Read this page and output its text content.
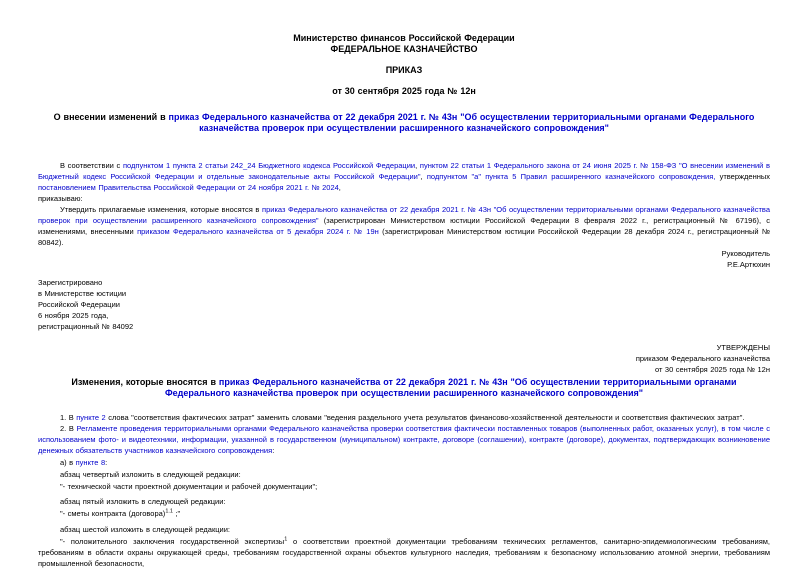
Министерство финансов Российской Федерации
ФЕДЕРАЛЬНОЕ КАЗНАЧЕЙСТВО
ПРИКАЗ
от 30 сентября 2025 года № 12н
О внесении изменений в приказ Федерального казначейства от 22 декабря 2021 г. № 43н "Об осуществлении территориальными органами Федерального казначейства проверок при осуществлении расширенного казначейского сопровождения"
В соответствии с подпунктом 1 пункта 2 статьи 242_24 Бюджетного кодекса Российской Федерации, пунктом 22 статьи 1 Федерального закона от 24 июня 2025 г. № 158-ФЗ "О внесении изменений в Бюджетный кодекс Российской Федерации и отдельные законодательные акты Российской Федерации", подпунктом "а" пункта 5 Правил расширенного казначейского сопровождения, утвержденных постановлением Правительства Российской Федерации от 24 ноября 2021 г. № 2024,
приказываю:
Утвердить прилагаемые изменения, которые вносятся в приказ Федерального казначейства от 22 декабря 2021 г. № 43н "Об осуществлении территориальными органами Федерального казначейства проверок при осуществлении расширенного казначейского сопровождения" (зарегистрирован Министерством юстиции Российской Федерации 8 февраля 2022 г., регистрационный № 67196), с изменениями, внесенными приказом Федерального казначейства от 5 декабря 2024 г. № 19н (зарегистрирован Министерством юстиции Российской Федерации 28 декабря 2024 г., регистрационный № 80842).
Руководитель
Р.Е.Артюхин
Зарегистрировано
в Министерстве юстиции
Российской Федерации
6 ноября 2025 года,
регистрационный № 84092
УТВЕРЖДЕНЫ
приказом Федерального казначейства
от 30 сентября 2025 года № 12н
Изменения, которые вносятся в приказ Федерального казначейства от 22 декабря 2021 г. № 43н "Об осуществлении территориальными органами Федерального казначейства проверок при осуществлении расширенного казначейского сопровождения"
1. В пункте 2 слова "соответствия фактических затрат" заменить словами "ведения раздельного учета результатов финансово-хозяйственной деятельности и соответствия фактических затрат".
2. В Регламенте проведения территориальными органами Федерального казначейства проверки соответствия фактически поставленных товаров (выполненных работ, оказанных услуг), в том числе с использованием фото- и видеотехники, информации, указанной в государственном (муниципальном) контракте, договоре (соглашении), контракте (договоре), документах, подтверждающих возникновение денежных обязательств участников казначейского сопровождения:
а) в пункте 8:
абзац четвертый изложить в следующей редакции:
"- технической части проектной документации и рабочей документации";
абзац пятый изложить в следующей редакции:
"- сметы контракта (договора)$^{1.1}$ ;"
абзац шестой изложить в следующей редакции:
"- положительного заключения государственной экспертизы$^1$ о соответствии проектной документации требованиям технических регламентов, санитарно-эпидемиологическим требованиям, требованиям в области охраны окружающей среды, требованиям государственной охраны объектов культурного наследия, требованиям к безопасному использованию атомной энергии, требованиям промышленной безопасности,
